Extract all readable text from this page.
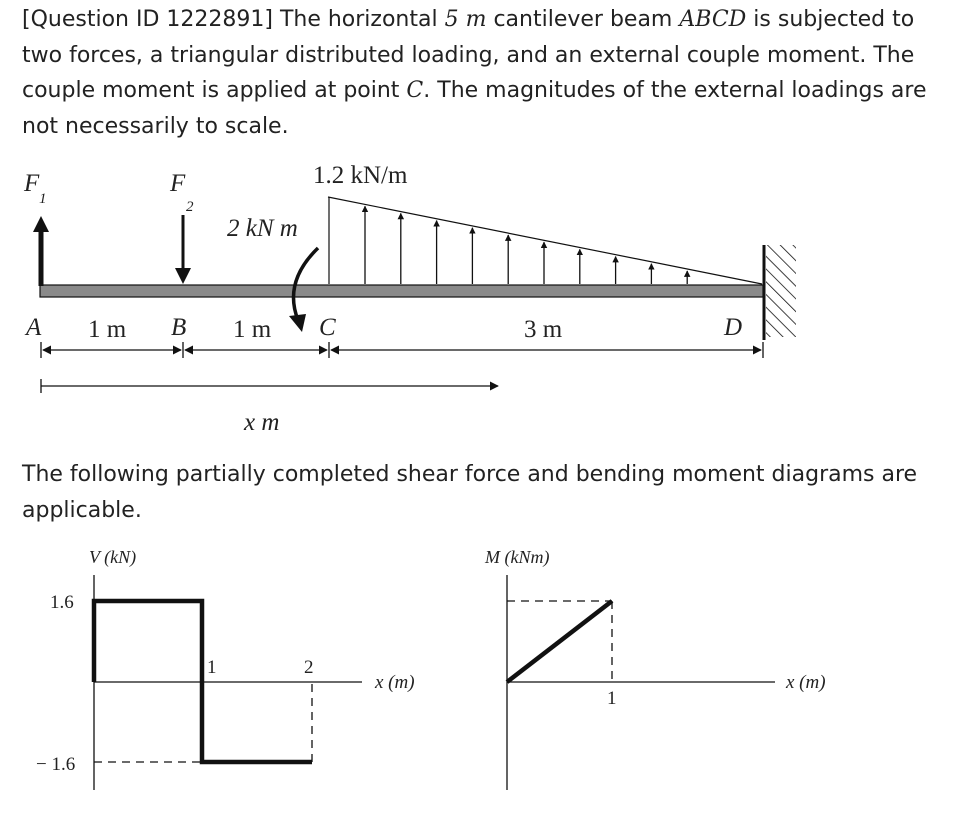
[Question ID 1222891] The horizontal 5 m cantilever beam ABCD is subjected to two forces, a triangular distributed loading, and an external couple moment. The couple moment is applied at point C. The magnitudes of the external loadings are not necessarily to scale.

The following partially completed shear force and bending moment diagrams are applicable.

F
1
F
2
1.2 kN/m
2 kN m
A 1 m B 1 m C	3 m	D
x m
V (kN)
1.6
− 1.6
1	2
x (m)
M (kNm)
1
x (m)
